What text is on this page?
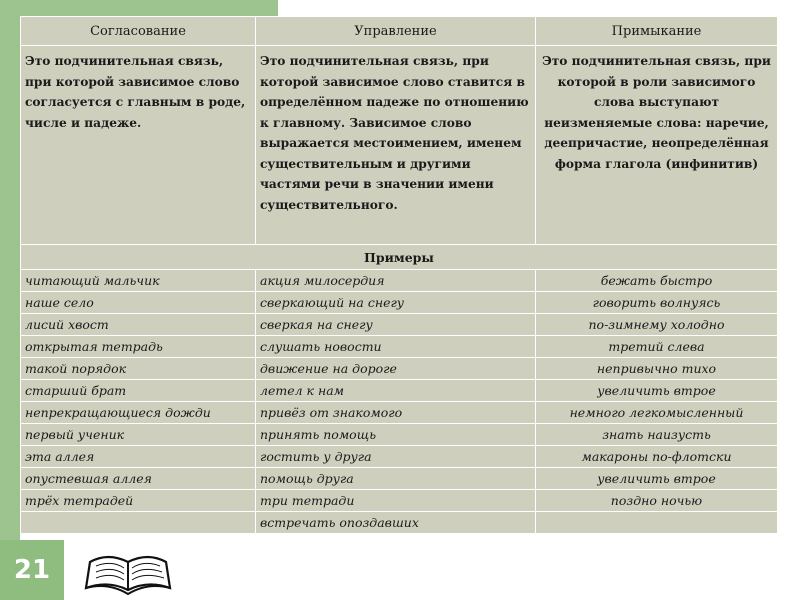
Согласование	Управление	Примыкание
Это подчинительная связь, при которой зависимое слово согласуется с главным в роде, числе и падеже.	Это подчинительная связь, при которой зависимое слово ставится в определённом падеже по отношению к главному. Зависимое слово выражается местоимением, именем существительным и другими частями речи в значении имени существительного.	Это подчинительная связь, при которой в роли зависимого слова выступают неизменяемые слова: наречие, деепричастие, неопределённая форма глагола (инфинитив)
Примеры		
читающий мальчик	акция милосердия	бежать быстро
наше село	сверкающий на снегу	говорить волнуясь
лисий хвост	сверкая на снегу	по-зимнему холодно
открытая тетрадь	слушать новости	третий слева
такой порядок	движение на дороге	непривычно тихо
старший брат	летел к нам	увеличить втрое
непрекращающиеся дожди	привёз от знакомого	немного легкомысленный
первый ученик	принять помощь	знать наизусть
эта аллея	гостить у друга	макароны по-флотски
опустевшая аллея	помощь друга	увеличить втрое
трёх тетрадей	три тетради	поздно ночью
	встречать опоздавших	
21
